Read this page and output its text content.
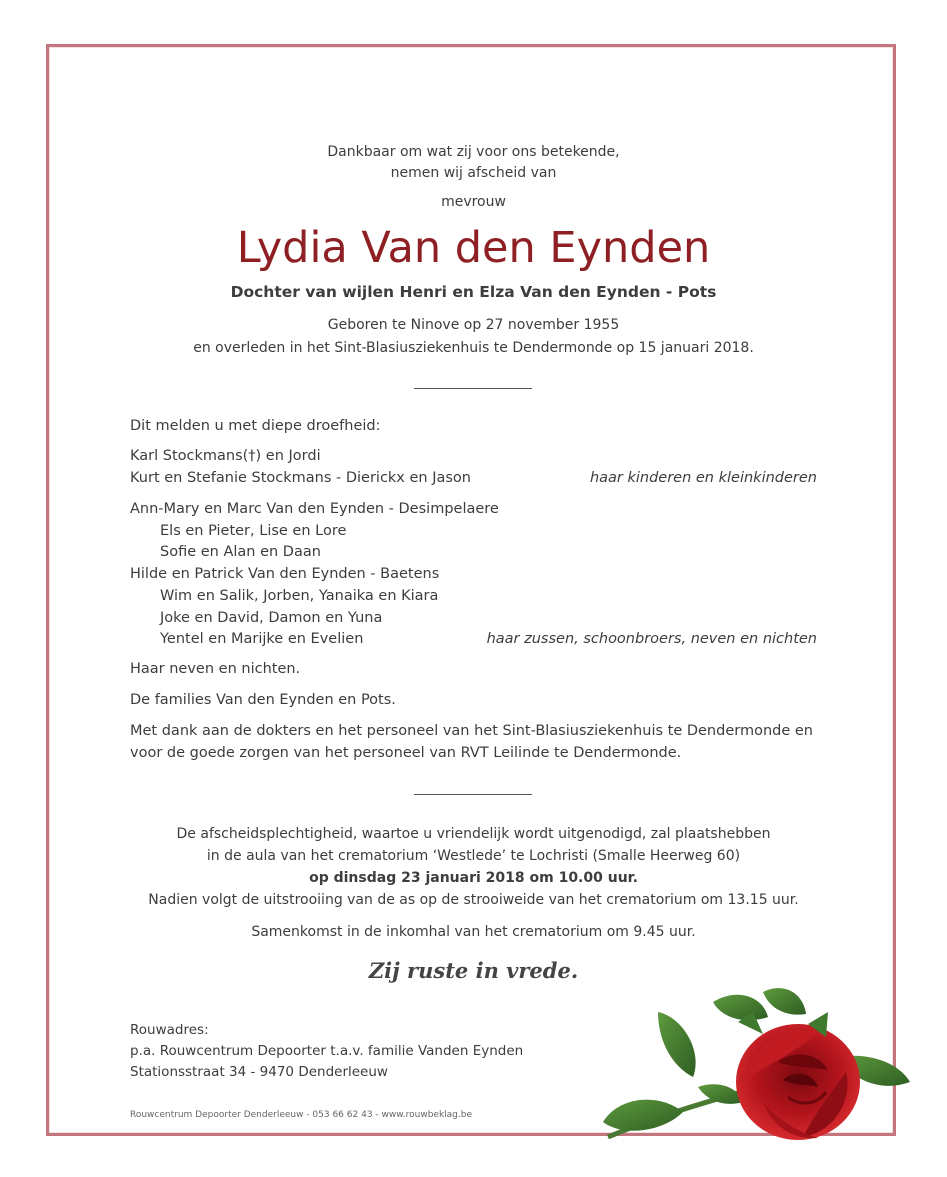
Dankbaar om wat zij voor ons betekende,
nemen wij afscheid van
mevrouw
Lydia Van den Eynden
Dochter van wijlen Henri en Elza Van den Eynden - Pots
Geboren te Ninove op 27 november 1955
en overleden in het Sint-Blasiusziekenhuis te Dendermonde op 15 januari 2018.
Dit melden u met diepe droefheid:
Karl Stockmans(†) en Jordi
Kurt en Stefanie Stockmans - Dierickx en Jason	haar kinderen en kleinkinderen
Ann-Mary en Marc Van den Eynden - Desimpelaere
Els en Pieter, Lise en Lore
Sofie en Alan en Daan
Hilde en Patrick Van den Eynden - Baetens
Wim en Salik, Jorben, Yanaika en Kiara
Joke en David, Damon en Yuna
Yentel en Marijke en Evelien	haar zussen, schoonbroers, neven en nichten
Haar neven en nichten.
De families Van den Eynden en Pots.
Met dank aan de dokters en het personeel van het Sint-Blasiusziekenhuis te Dendermonde en
voor de goede zorgen van het personeel van RVT Leilinde te Dendermonde.
De afscheidsplechtigheid, waartoe u vriendelijk wordt uitgenodigd, zal plaatshebben
in de aula van het crematorium ‘Westlede’ te Lochristi (Smalle Heerweg 60)
op dinsdag 23 januari 2018 om 10.00 uur.
Nadien volgt de uitstrooiing van de as op de strooiweide van het crematorium om 13.15 uur.
Samenkomst in de inkomhal van het crematorium om 9.45 uur.
Zij ruste in vrede.
Rouwadres:
p.a. Rouwcentrum Depoorter t.a.v. familie Vanden Eynden
Stationsstraat 34 - 9470 Denderleeuw
Rouwcentrum Depoorter Denderleeuw - 053 66 62 43 - www.rouwbeklag.be
